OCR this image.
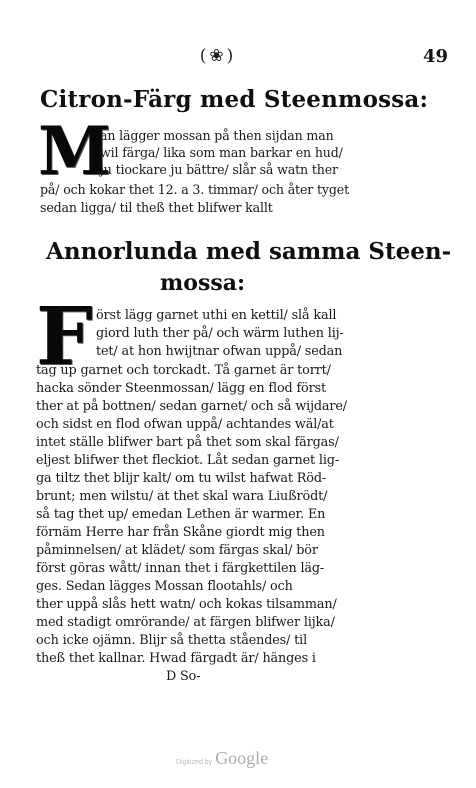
(❀)	49
Citron-Färg med Steenmossa:
M
an lägger mossan på then sijdan man
wil färga/ lika som man barkar en hud/
ju tiockare ju bättre/ slår så watn ther
på/ och kokar thet 12. a 3. timmar/ och åter tyget
sedan ligga/ til theß thet blifwer kallt
Annorlunda med samma Steen-
mossa:
F örst lägg garnet uthi en kettil/ slå kall
giord luth ther på/ och wärm luthen lij-
tet/ at hon hwijtnar ofwan uppå/ sedan
tag up garnet och torckadt. Tå garnet är torrt/
hacka sönder Steenmossan/ lägg en flod först
ther at på bottnen/ sedan garnet/ och så wijdare/
och sidst en flod ofwan uppå/ achtandes wäl/at
intet ställe blifwer bart på thet som skal färgas/
eljest blifwer thet fleckiot. Låt sedan garnet lig-
ga tiltz thet blijr kalt/ om tu wilst hafwat Röd-
brunt; men wilstu/ at thet skal wara Liußrödt/
så tag thet up/ emedan Lethen är warmer. En
förnäm Herre har från Skåne giordt mig then
påminnelsen/ at klädet/ som färgas skal/ bör
först göras wått/ innan thet i färgkettilen läg-
ges. Sedan lägges Mossan flootahls/ och
ther uppå slås hett watn/ och kokas tilsamman/
med stadigt omrörande/ at färgen blifwer lijka/
och icke ojämn. Blijr så thetta ståendes/ til
theß thet kallnar. Hwad färgadt är/ hänges i
D So-
Digitized by Google
